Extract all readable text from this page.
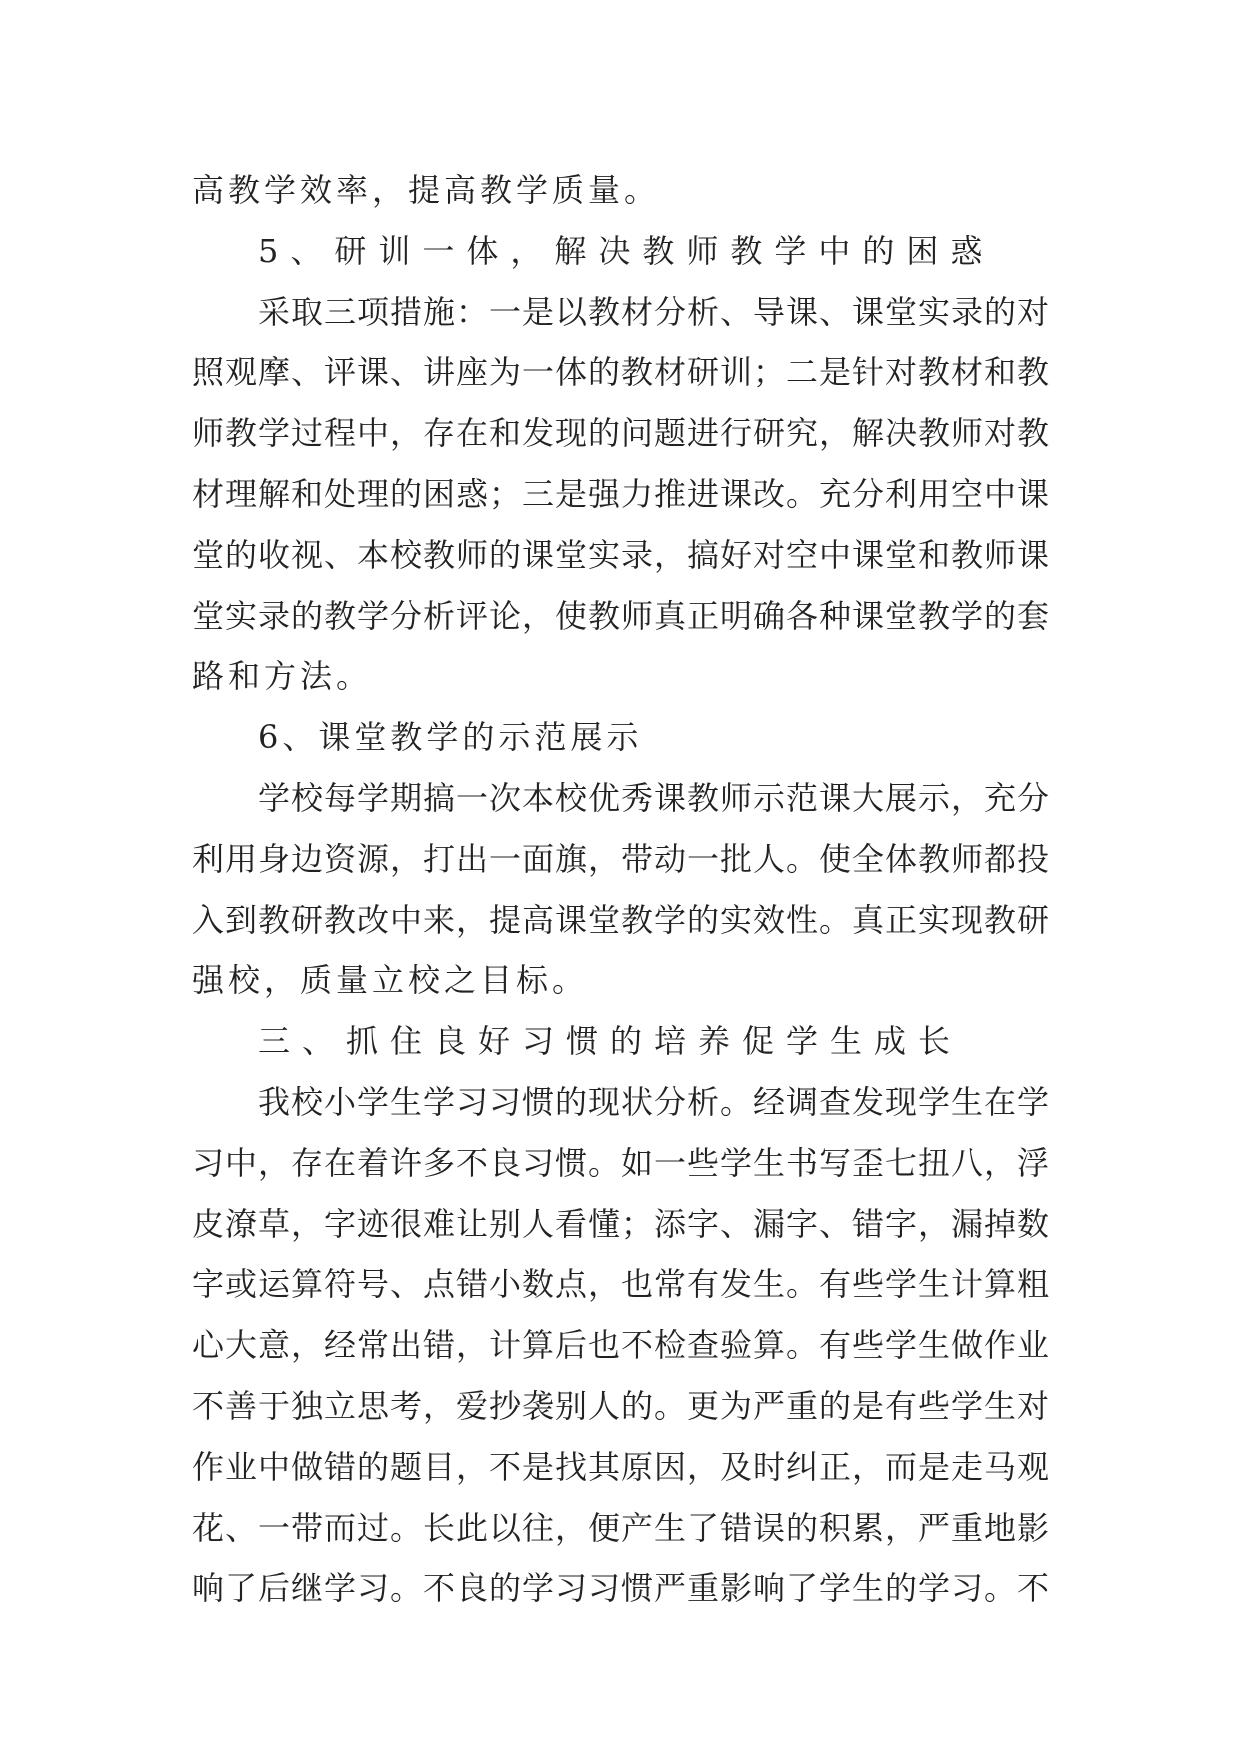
高教学效率，提高教学质量。
5、研训一体，解决教师教学中的困惑
采取三项措施：一是以教材分析、导课、课堂实录的对
照观摩、评课、讲座为一体的教材研训；二是针对教材和教
师教学过程中，存在和发现的问题进行研究，解决教师对教
材理解和处理的困惑；三是强力推进课改。充分利用空中课
堂的收视、本校教师的课堂实录，搞好对空中课堂和教师课
堂实录的教学分析评论，使教师真正明确各种课堂教学的套
路和方法。
6、课堂教学的示范展示
学校每学期搞一次本校优秀课教师示范课大展示，充分
利用身边资源，打出一面旗，带动一批人。使全体教师都投
入到教研教改中来，提高课堂教学的实效性。真正实现教研
强校，质量立校之目标。
三、抓住良好习惯的培养促学生成长
我校小学生学习习惯的现状分析。经调查发现学生在学
习中，存在着许多不良习惯。如一些学生书写歪七扭八，浮
皮潦草，字迹很难让别人看懂；添字、漏字、错字，漏掉数
字或运算符号、点错小数点，也常有发生。有些学生计算粗
心大意，经常出错，计算后也不检查验算。有些学生做作业
不善于独立思考，爱抄袭别人的。更为严重的是有些学生对
作业中做错的题目，不是找其原因，及时纠正，而是走马观
花、一带而过。长此以往，便产生了错误的积累，严重地影
响了后继学习。不良的学习习惯严重影响了学生的学习。不
